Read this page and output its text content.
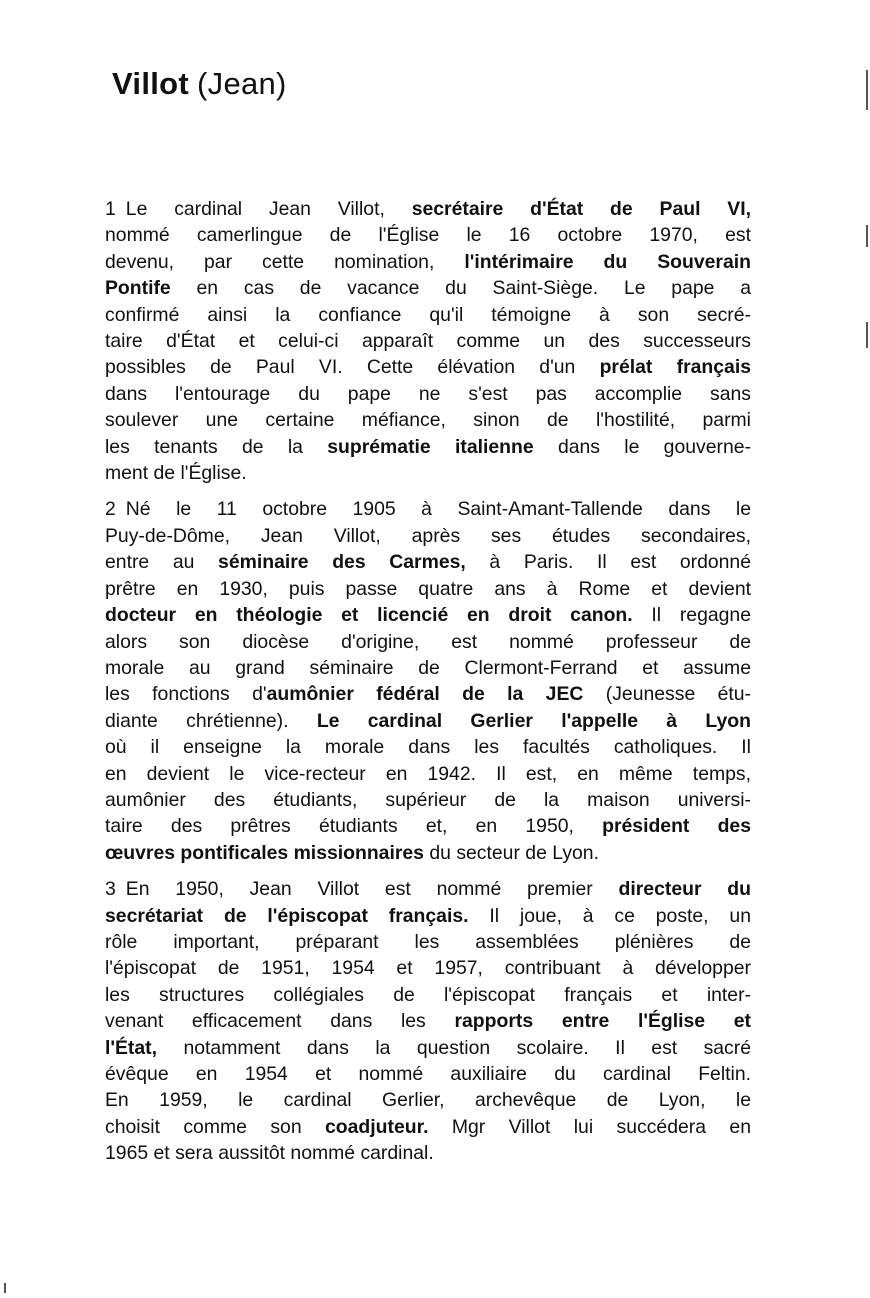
Villot (Jean)

1 Le cardinal Jean Villot, secrétaire d'État de Paul VI,
nommé camerlingue de l'Église le 16 octobre 1970, est
devenu, par cette nomination, l'intérimaire du Souverain
Pontife en cas de vacance du Saint-Siège. Le pape a
confirmé ainsi la confiance qu'il témoigne à son secré-
taire d'État et celui-ci apparaît comme un des successeurs
possibles de Paul VI. Cette élévation d'un prélat français
dans l'entourage du pape ne s'est pas accomplie sans
soulever une certaine méfiance, sinon de l'hostilité, parmi
les tenants de la suprématie italienne dans le gouverne-
ment de l'Église.

2 Né le 11 octobre 1905 à Saint-Amant-Tallende dans le
Puy-de-Dôme, Jean Villot, après ses études secondaires,
entre au séminaire des Carmes, à Paris. Il est ordonné
prêtre en 1930, puis passe quatre ans à Rome et devient
docteur en théologie et licencié en droit canon. Il regagne
alors son diocèse d'origine, est nommé professeur de
morale au grand séminaire de Clermont-Ferrand et assume
les fonctions d'aumônier fédéral de la JEC (Jeunesse étu-
diante chrétienne). Le cardinal Gerlier l'appelle à Lyon
où il enseigne la morale dans les facultés catholiques. Il
en devient le vice-recteur en 1942. Il est, en même temps,
aumônier des étudiants, supérieur de la maison universi-
taire des prêtres étudiants et, en 1950, président des
œuvres pontificales missionnaires du secteur de Lyon.

3 En 1950, Jean Villot est nommé premier directeur du
secrétariat de l'épiscopat français. Il joue, à ce poste, un
rôle important, préparant les assemblées plénières de
l'épiscopat de 1951, 1954 et 1957, contribuant à développer
les structures collégiales de l'épiscopat français et inter-
venant efficacement dans les rapports entre l'Église et
l'État, notamment dans la question scolaire. Il est sacré
évêque en 1954 et nommé auxiliaire du cardinal Feltin.
En 1959, le cardinal Gerlier, archevêque de Lyon, le
choisit comme son coadjuteur. Mgr Villot lui succédera en
1965 et sera aussitôt nommé cardinal.
